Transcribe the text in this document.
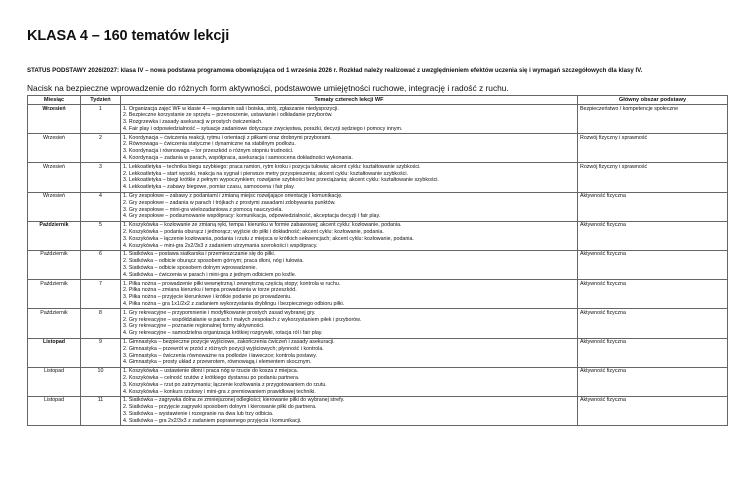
KLASA 4 – 160 tematów lekcji

STATUS PODSTAWY 2026/2027: klasa IV – nowa podstawa programowa obowiązująca od 1 września 2026 r. Rozkład należy realizować z uwzględnieniem efektów uczenia się i wymagań szczegółowych dla klasy IV.

Nacisk na bezpieczne wprowadzenie do różnych form aktywności, podstawowe umiejętności ruchowe, integrację i radość z ruchu.

Miesiąc	Tydzień	Tematy czterech lekcji WF	Główny obszar podstawy
Wrzesień	1	1. Organizacja zajęć WF w klasie 4 – regulamin sali i boiska, strój, zgłaszanie niedyspozycji.
2. Bezpieczne korzystanie ze sprzętu – przenoszenie, ustawianie i odkładanie przyborów.
3. Rozgrzewka i zasady asekuracji w prostych ćwiczeniach.
4. Fair play i odpowiedzialność – sytuacje zadaniowe dotyczące zwycięstwa, porażki, decyzji sędziego i pomocy innym.	Bezpieczeństwo / kompetencje społeczne

Wrzesień	2	1. Koordynacja – ćwiczenia reakcji, rytmu i orientacji z piłkami oraz drobnymi przyborami.
2. Równowaga – ćwiczenia statyczne i dynamiczne na stabilnym podłożu.
3. Koordynacja i równowaga – tor przeszkód o różnym stopniu trudności.
4. Koordynacja – zadania w parach, współpraca, asekuracja i samoocena dokładności wykonania.	Rozwój fizyczny i sprawność

Wrzesień	3	1. Lekkoatletyka – technika biegu szybkiego: praca ramion, rytm kroku i pozycja tułowia; akcent cyklu: kształtowanie szybkości.
2. Lekkoatletyka – start wysoki, reakcja na sygnał i pierwsze metry przyspieszenia; akcent cyklu: kształtowanie szybkości.
3. Lekkoatletyka – biegi krótkie z pełnym wypoczynkiem; rozwijanie szybkości bez przeciążania; akcent cyklu: kształtowanie szybkości.
4. Lekkoatletyka – zabawy biegowe, pomiar czasu, samoocena i fair play.	Rozwój fizyczny i sprawność

Wrzesień	4	1. Gry zespołowe – zabawy z podaniami i zmianą miejsc rozwijające orientację i komunikację.
2. Gry zespołowe – zadania w parach i trójkach z prostymi zasadami zdobywania punktów.
3. Gry zespołowe – mini-gra wielozadaniowa z pomocą nauczyciela.
4. Gry zespołowe – podsumowanie współpracy: komunikacja, odpowiedzialność, akceptacja decyzji i fair play.	Aktywność fizyczna

Październik	5	1. Koszykówka – kozłowanie ze zmianą ręki, tempa i kierunku w formie zabawowej; akcent cyklu: kozłowanie, podania.
2. Koszykówka – podania oburącz i jednorącz; wyjście do piłki i dokładność; akcent cyklu: kozłowanie, podania.
3. Koszykówka – łączenie kozłowania, podania i rzutu z miejsca w krótkich sekwencjach; akcent cyklu: kozłowanie, podania.
4. Koszykówka – mini-gra 2x2/3x3 z zadaniem utrzymania szerokości i współpracy.	Aktywność fizyczna

Październik	6	1. Siatkówka – postawa siatkarska i przemieszczanie się do piłki.
2. Siatkówka – odbicie oburącz sposobem górnym; praca dłoni, nóg i tułowia.
3. Siatkówka – odbicie sposobem dolnym wprowadzenie.
4. Siatkówka – ćwiczenia w parach i mini-gra z jednym odbiciem po koźle.	Aktywność fizyczna

Październik	7	1. Piłka nożna – prowadzenie piłki wewnętrzną i zewnętrzną częścią stopy; kontrola w ruchu.
2. Piłka nożna – zmiana kierunku i tempa prowadzenia w torze przeszkód.
3. Piłka nożna – przyjęcie kierunkowe i krótkie podanie po prowadzeniu.
4. Piłka nożna – gra 1x1/2x2 z zadaniem wykorzystania dryblingu i bezpiecznego odbioru piłki.	Aktywność fizyczna

Październik	8	1. Gry rekreacyjne – przypomnienie i modyfikowanie prostych zasad wybranej gry.
2. Gry rekreacyjne – współdziałanie w parach i małych zespołach z wykorzystaniem piłek i przyborów.
3. Gry rekreacyjne – poznanie regionalnej formy aktywności.
4. Gry rekreacyjne – samodzielna organizacja krótkiej rozgrywki, rotacja ról i fair play.	Aktywność fizyczna

Listopad	9	1. Gimnastyka – bezpieczne pozycje wyjściowe, zakończenia ćwiczeń i zasady asekuracji.
2. Gimnastyka – przewrót w przód z różnych pozycji wyjściowych; płynność i kontrola.
3. Gimnastyka – ćwiczenia równoważne na podłodze i ławeczce; kontrola postawy.
4. Gimnastyka – prosty układ z przewrotem, równowagą i elementem skocznym.	Aktywność fizyczna

Listopad	10	1. Koszykówka – ustawienie dłoni i praca nóg w rzucie do kosza z miejsca.
2. Koszykówka – celność rzutów z krótkiego dystansu po podaniu partnera.
3. Koszykówka – rzut po zatrzymaniu; łączenie kozłowania z przygotowaniem do rzutu.
4. Koszykówka – konkurs rzutowy i mini-gra z premiowaniem prawidłowej techniki.	Aktywność fizyczna

Listopad	11	1. Siatkówka – zagrywka dolna ze zmniejszonej odległości; kierowanie piłki do wybranej strefy.
2. Siatkówka – przyjęcie zagrywki sposobem dolnym i kierowanie piłki do partnera.
3. Siatkówka – wystawienie i rozegranie na dwa lub trzy odbicia.
4. Siatkówka – gra 2x2/3x3 z zadaniem poprawnego przyjęcia i komunikacji.	Aktywność fizyczna
